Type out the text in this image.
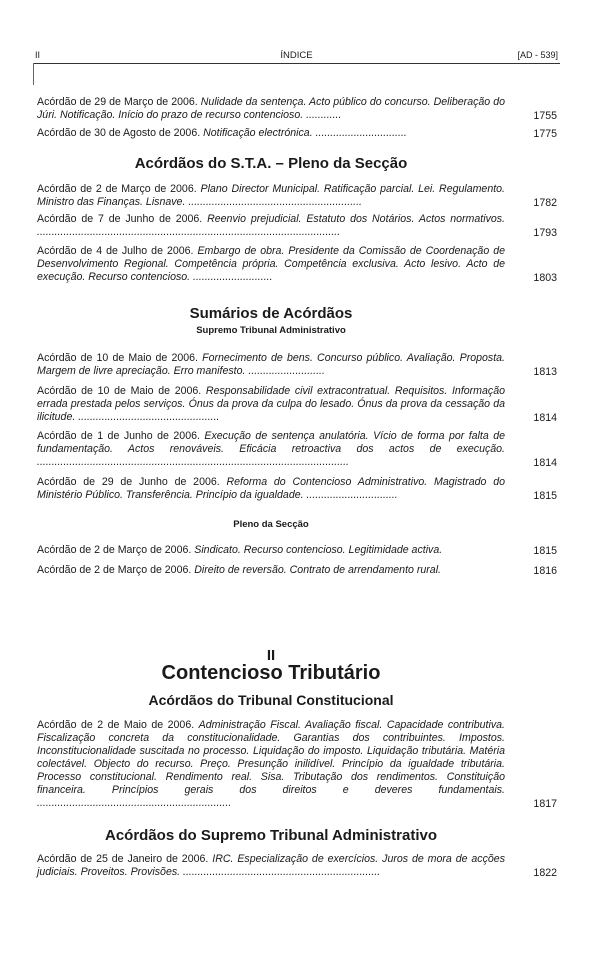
II	ÍNDICE	[AD - 539]
Acórdão de 29 de Março de 2006. Nulidade da sentença. Acto público do concurso. Deliberação do Júri. Notificação. Início do prazo de recurso contencioso. ............	1755
Acórdão de 30 de Agosto de 2006. Notificação electrónica. ...............................	1775
Acórdãos do S.T.A. – Pleno da Secção
Acórdão de 2 de Março de 2006. Plano Director Municipal. Ratificação parcial. Lei. Regulamento. Ministro das Finanças. Lisnave. ...........................................................	1782
Acórdão de 7 de Junho de 2006. Reenvio prejudicial. Estatuto dos Notários. Actos normativos. .......................................................................................................	1793
Acórdão de 4 de Julho de 2006. Embargo de obra. Presidente da Comissão de Coordenação de Desenvolvimento Regional. Competência própria. Competência exclusiva. Acto lesivo. Acto de execução. Recurso contencioso. ...........................	1803
Sumários de Acórdãos
Supremo Tribunal Administrativo
Acórdão de 10 de Maio de 2006. Fornecimento de bens. Concurso público. Avaliação. Proposta. Margem de livre apreciação. Erro manifesto. ..........................	1813
Acórdão de 10 de Maio de 2006. Responsabilidade civil extracontratual. Requisitos. Informação errada prestada pelos serviços. Ónus da prova da culpa do lesado. Ónus da prova da cessação da ilicitude. ................................................	1814
Acórdão de 1 de Junho de 2006. Execução de sentença anulatória. Vício de forma por falta de fundamentação. Actos renováveis. Eficácia retroactiva dos actos de execução. ..........................................................................................................	1814
Acórdão de 29 de Junho de 2006. Reforma do Contencioso Administrativo. Magistrado do Ministério Público. Transferência. Princípio da igualdade. ...............................	1815
Pleno da Secção
Acórdão de 2 de Março de 2006. Sindicato. Recurso contencioso. Legitimidade activa.	1815
Acórdão de 2 de Março de 2006. Direito de reversão. Contrato de arrendamento rural.	1816
II
Contencioso Tributário
Acórdãos do Tribunal Constitucional
Acórdão de 2 de Maio de 2006. Administração Fiscal. Avaliação fiscal. Capacidade contributiva. Fiscalização concreta da constitucionalidade. Garantias dos contribuintes. Impostos. Inconstitucionalidade suscitada no processo. Liquidação do imposto. Liquidação tributária. Matéria colectável. Objecto do recurso. Preço. Presunção inilidível. Princípio da igualdade tributária. Processo constitucional. Rendimento real. Sisa. Tributação dos rendimentos. Constituição financeira. Princípios gerais dos direitos e deveres fundamentais. ..................................................................	1817
Acórdãos do Supremo Tribunal Administrativo
Acórdão de 25 de Janeiro de 2006. IRC. Especialização de exercícios. Juros de mora de acções judiciais. Proveitos. Provisões. ...................................................................	1822
